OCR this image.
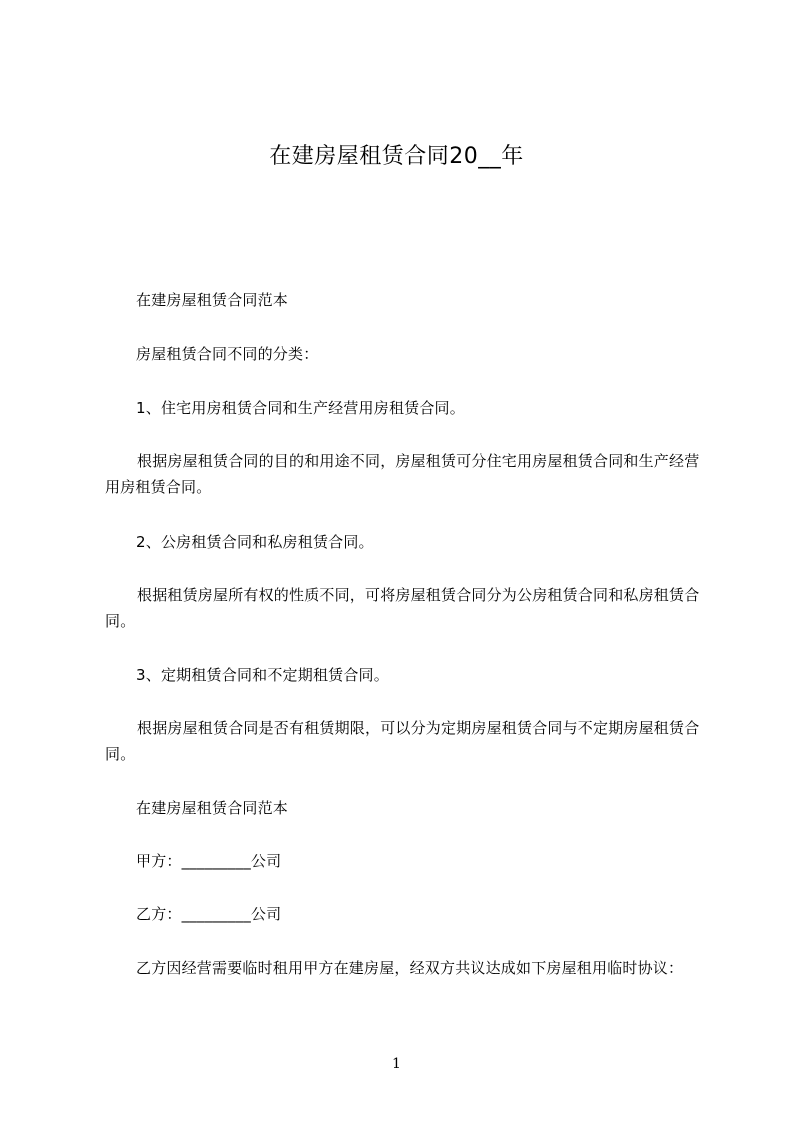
在建房屋租赁合同20__年
在建房屋租赁合同范本
房屋租赁合同不同的分类：
1、住宅用房租赁合同和生产经营用房租赁合同。
根据房屋租赁合同的目的和用途不同，房屋租赁可分住宅用房屋租赁合同和生产经营用房租赁合同。
2、公房租赁合同和私房租赁合同。
根据租赁房屋所有权的性质不同，可将房屋租赁合同分为公房租赁合同和私房租赁合同。
3、定期租赁合同和不定期租赁合同。
根据房屋租赁合同是否有租赁期限，可以分为定期房屋租赁合同与不定期房屋租赁合同。
在建房屋租赁合同范本
甲方：_________公司
乙方：_________公司
乙方因经营需要临时租用甲方在建房屋，经双方共议达成如下房屋租用临时协议：
1
